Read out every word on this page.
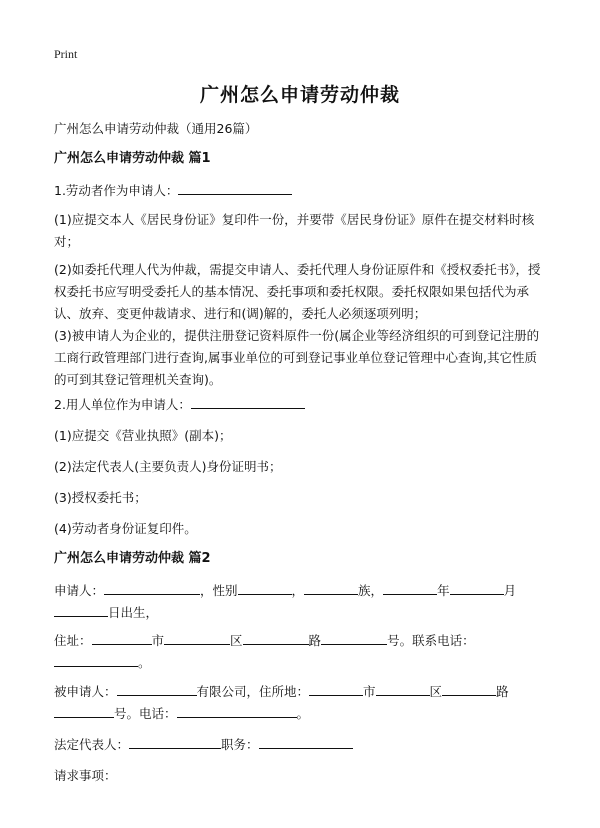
Print
广州怎么申请劳动仲裁
广州怎么申请劳动仲裁（通用26篇）
广州怎么申请劳动仲裁 篇1
1.劳动者作为申请人：
(1)应提交本人《居民身份证》复印件一份，并要带《居民身份证》原件在提交材料时核对；
(2)如委托代理人代为仲裁，需提交申请人、委托代理人身份证原件和《授权委托书》，授权委托书应写明受委托人的基本情况、委托事项和委托权限。委托权限如果包括代为承认、放弃、变更仲裁请求、进行和(调)解的，委托人必须逐项列明；
(3)被申请人为企业的，提供注册登记资料原件一份(属企业等经济组织的可到登记注册的工商行政管理部门进行查询,属事业单位的可到登记事业单位登记管理中心查询,其它性质的可到其登记管理机关查询)。
2.用人单位作为申请人：
(1)应提交《营业执照》(副本)；
(2)法定代表人(主要负责人)身份证明书；
(3)授权委托书；
(4)劳动者身份证复印件。
广州怎么申请劳动仲裁 篇2
申请人：	，性别	，	族，	年	月
日出生，
住址：	市	区	路	号。联系电话：
。
被申请人：	有限公司，住所地：	市	区	路
号。电话：	。
法定代表人：	职务：
请求事项：
